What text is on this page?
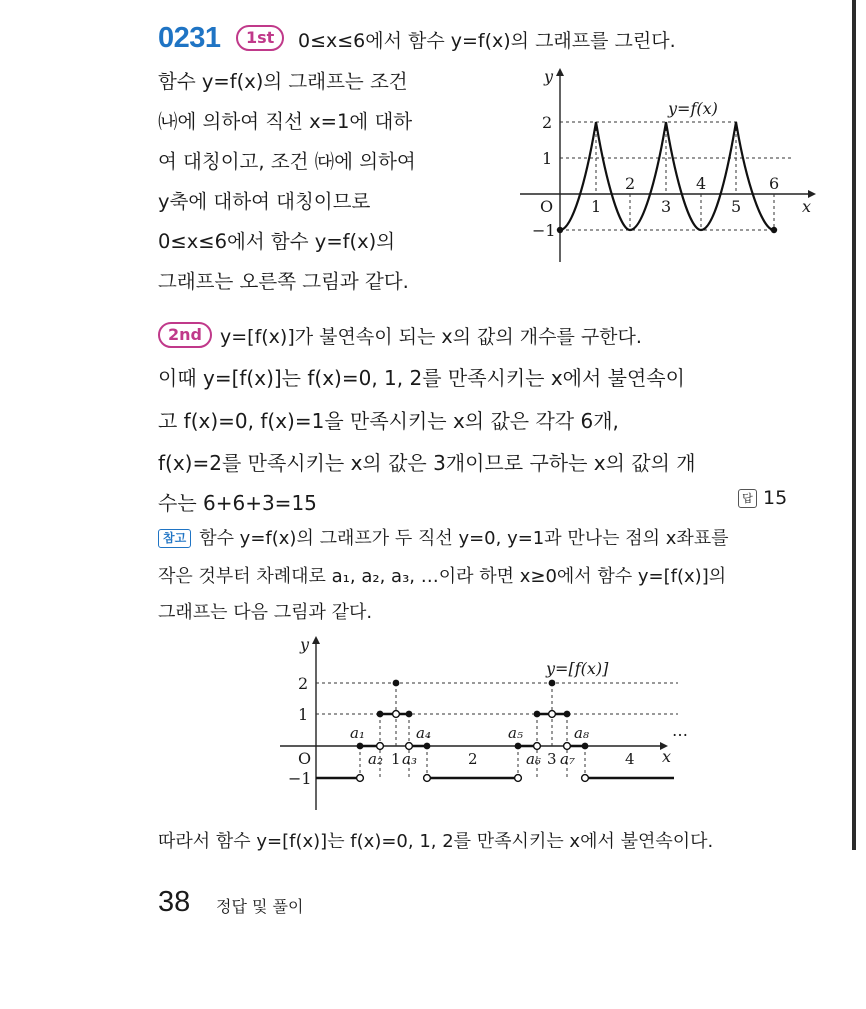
0231	1st	0≤x≤6에서 함수 y=f(x)의 그래프를 그린다.
함수 y=f(x)의 그래프는 조건
㈏에 의하여 직선 x=1에 대하
여 대칭이고, 조건 ㈐에 의하여
y축에 대하여 대칭이므로
0≤x≤6에서 함수 y=f(x)의
그래프는 오른쪽 그림과 같다.
y
x
O
y=f(x)
2
1
−1
1	3	5
2	4	6
2nd y=[f(x)]가 불연속이 되는 x의 값의 개수를 구한다.
이때 y=[f(x)]는 f(x)=0, 1, 2를 만족시키는 x에서 불연속이
고 f(x)=0, f(x)=1을 만족시키는 x의 값은 각각 6개,
f(x)=2를 만족시키는 x의 값은 3개이므로 구하는 x의 값의 개
수는 6+6+3=15	답 15
참고 함수 y=f(x)의 그래프가 두 직선 y=0, y=1과 만나는 점의 x좌표를
작은 것부터 차례대로 a₁, a₂, a₃, …이라 하면 x≥0에서 함수 y=[f(x)]의
그래프는 다음 그림과 같다.
y
x
O
y=[f(x)]
2
1
−1
a₁	a₄	a₅	a₈
a₂ 1 a₃	2	a₆ 3 a₇	4
…
따라서 함수 y=[f(x)]는 f(x)=0, 1, 2를 만족시키는 x에서 불연속이다.
38 정답 및 풀이
